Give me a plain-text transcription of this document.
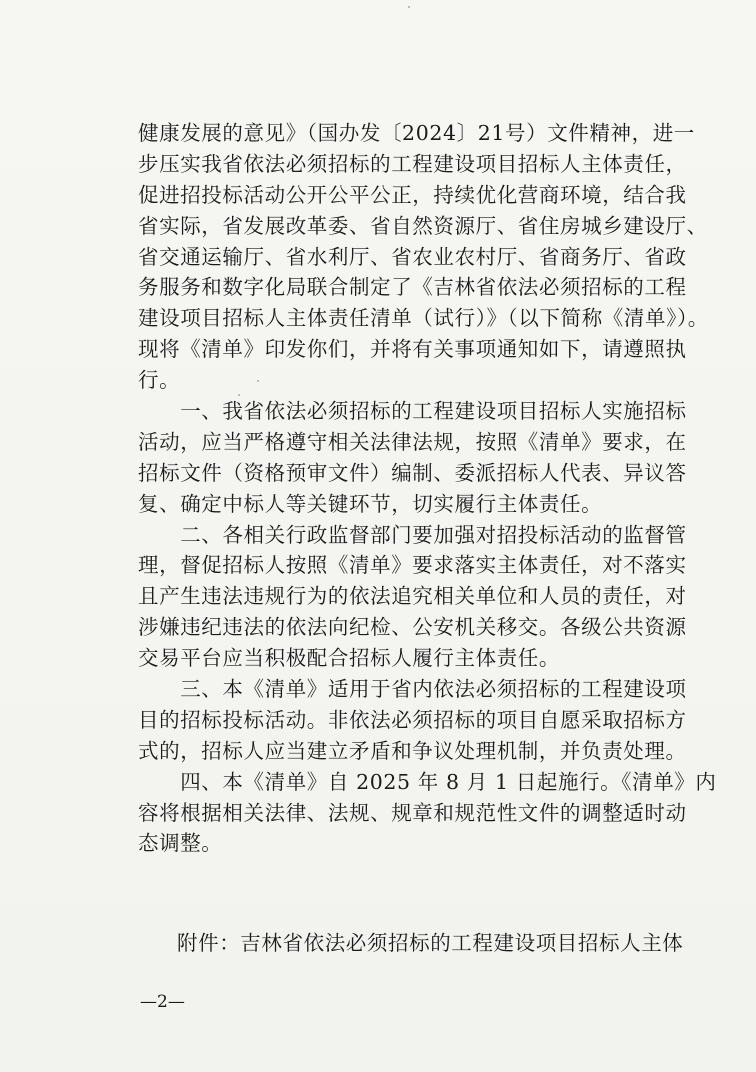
健康发展的意见》（国办发〔2024〕21号）文件精神，进一
步压实我省依法必须招标的工程建设项目招标人主体责任，
促进招投标活动公开公平公正，持续优化营商环境，结合我
省实际，省发展改革委、省自然资源厅、省住房城乡建设厅、
省交通运输厅、省水利厅、省农业农村厅、省商务厅、省政
务服务和数字化局联合制定了《吉林省依法必须招标的工程
建设项目招标人主体责任清单（试行）》（以下简称《清单》）。
现将《清单》印发你们，并将有关事项通知如下，请遵照执
行。
　　一、我省依法必须招标的工程建设项目招标人实施招标
活动，应当严格遵守相关法律法规，按照《清单》要求，在
招标文件（资格预审文件）编制、委派招标人代表、异议答
复、确定中标人等关键环节，切实履行主体责任。
　　二、各相关行政监督部门要加强对招投标活动的监督管
理，督促招标人按照《清单》要求落实主体责任，对不落实
且产生违法违规行为的依法追究相关单位和人员的责任，对
涉嫌违纪违法的依法向纪检、公安机关移交。各级公共资源
交易平台应当积极配合招标人履行主体责任。
　　三、本《清单》适用于省内依法必须招标的工程建设项
目的招标投标活动。非依法必须招标的项目自愿采取招标方
式的，招标人应当建立矛盾和争议处理机制，并负责处理。
　　四、本《清单》自 2025 年 8 月 1 日起施行。《清单》内
容将根据相关法律、法规、规章和规范性文件的调整适时动
态调整。
附件：吉林省依法必须招标的工程建设项目招标人主体
—2—
